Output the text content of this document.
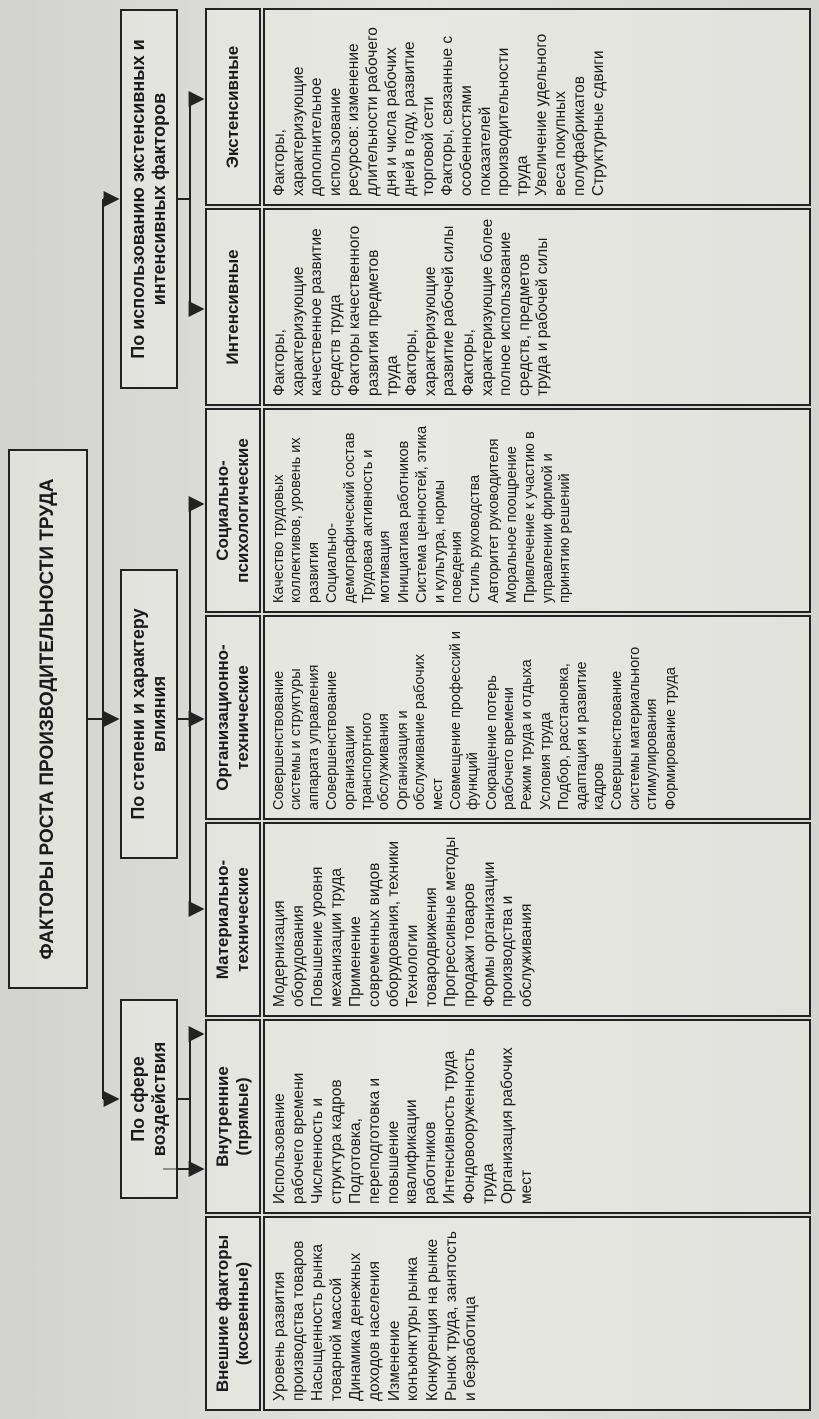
ФАКТОРЫ РОСТА ПРОИЗВОДИТЕЛЬНОСТИ ТРУДА
По сфере воздействия
По степени и характеру влияния
По использованию экстенсивных и интенсивных факторов
Внешние факторы (косвенные)
Внутренние (прямые)
Материально-технические
Организационно-технические
Социально-психологические
Интенсивные
Экстенсивные
Уровень развития производства товаров Насыщенность рынка товарной массой Динамика денежных доходов населения Изменение конъюнктуры рынка Конкуренция на рынке Рынок труда, занятость и безработица
Использование рабочего времени Численность и структура кадров Подготовка, переподготовка и повышение квалификации работников Интенсивность труда Фондовооруженность труда Организация рабочих мест
Модернизация оборудования Повышение уровня механизации труда Применение современных видов оборудования, техники Технологии товародвижения Прогрессивные методы продажи товаров Формы организации производства и обслуживания
Совершенствование системы и структуры аппарата управления Совершенствование организации транспортного обслуживания Организация и обслуживание рабочих мест Совмещение профессий и функций Сокращение потерь рабочего времени Режим труда и отдыха Условия труда Подбор, расстановка, адаптация и развитие кадров Совершенствование системы материального стимулирования Формирование труда
Качество трудовых коллективов, уровень их развития Социально-демографический состав Трудовая активность и мотивация Инициатива работников Система ценностей, этика и культура, нормы поведения Стиль руководства Авторитет руководителя Моральное поощрение Привлечение к участию в управлении фирмой и принятию решений
Факторы, характеризующие качественное развитие средств труда Факторы качественного развития предметов труда Факторы, характеризующие развитие рабочей силы Факторы, характеризующие более полное использование средств, предметов труда и рабочей силы
Факторы, характеризующие дополнительное использование ресурсов: изменение длительности рабочего дня и числа рабочих дней в году, развитие торговой сети Факторы, связанные с особенностями показателей производительности труда Увеличение удельного веса покупных полуфабрикатов Структурные сдвиги
